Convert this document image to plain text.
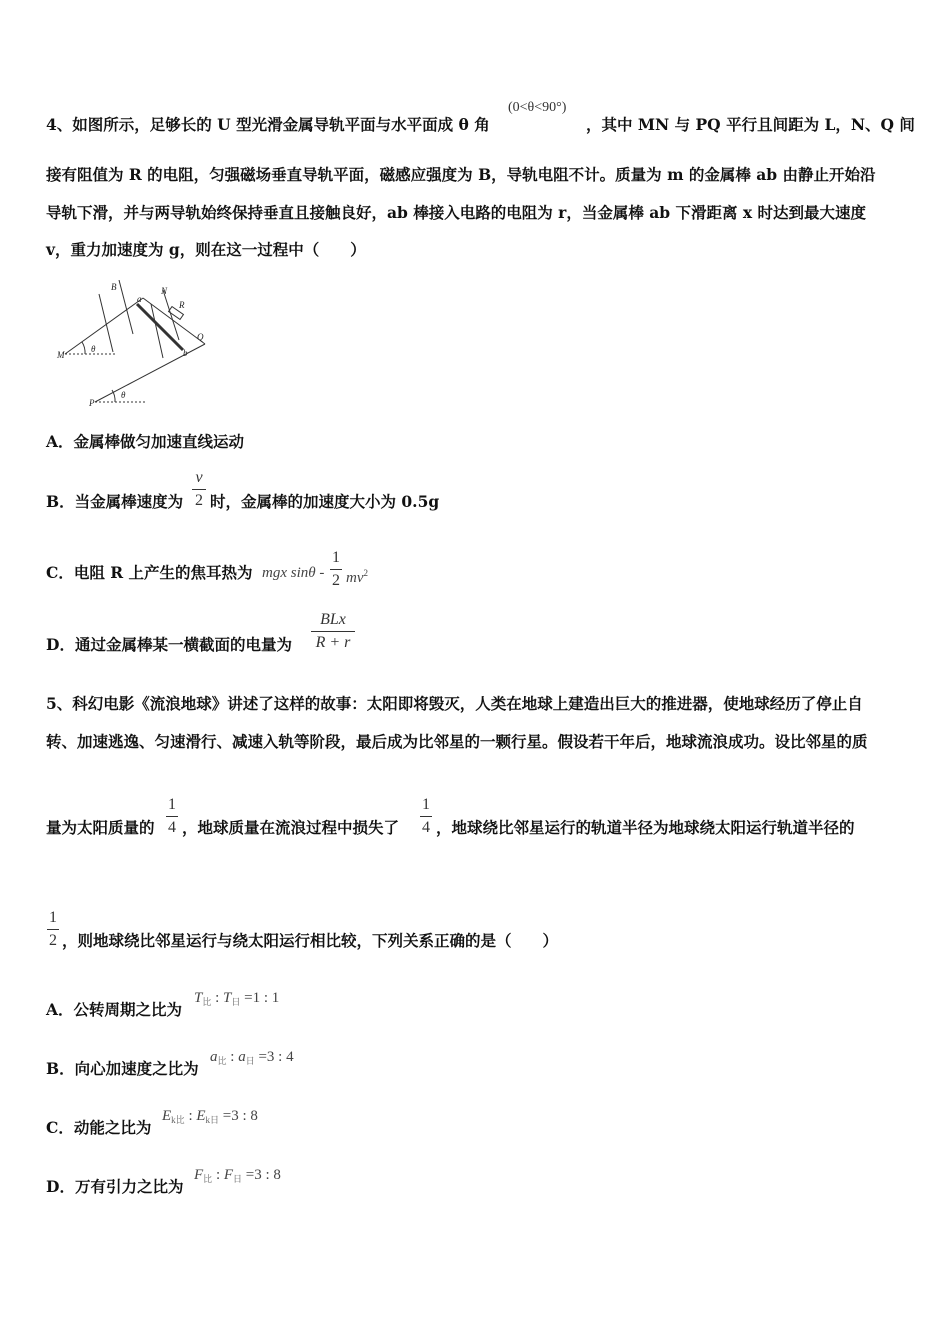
4、如图所示，足够长的 U 型光滑金属导轨平面与水平面成 θ 角
(0<θ<90°)
，其中 MN 与 PQ 平行且间距为 L，N、Q 间
接有阻值为 R 的电阻，匀强磁场垂直导轨平面，磁感应强度为 B，导轨电阻不计。质量为 m 的金属棒 ab 由静止开始沿
导轨下滑，并与两导轨始终保持垂直且接触良好，ab 棒接入电路的电阻为 r，当金属棒 ab 下滑距离 x 时达到最大速度
v，重力加速度为 g，则在这一过程中（　　）
B
a
N
R
Q
b
M
P
θ
θ
A．金属棒做匀加速直线运动
B．当金属棒速度为
v
2 时，金属棒的加速度大小为 0.5g
C．电阻 R 上产生的焦耳热为 mgx sinθ -
1
2 $mv^2$
D．通过金属棒某一横截面的电量为
BLx
R + r
5、科幻电影《流浪地球》讲述了这样的故事：太阳即将毁灭，人类在地球上建造出巨大的推进器，使地球经历了停止自
转、加速逃逸、匀速滑行、减速入轨等阶段，最后成为比邻星的一颗行星。假设若干年后，地球流浪成功。设比邻星的质
量为太阳质量的
1
4 ，地球质量在流浪过程中损失了
1
4 ，地球绕比邻星运行的轨道半径为地球绕太阳运行轨道半径的
1
2 ，则地球绕比邻星运行与绕太阳运行相比较，下列关系正确的是（　　）
A．公转周期之比为
$T_比$ : $T_日 =1$ : 1
B．向心加速度之比为
$a_比$ : $a_日 =3$ : 4
C．动能之比为
$E_{k比}$ : $E_{k日} =3$ : 8
D．万有引力之比为
$F_比$ : $F_日 =3$ : 8
